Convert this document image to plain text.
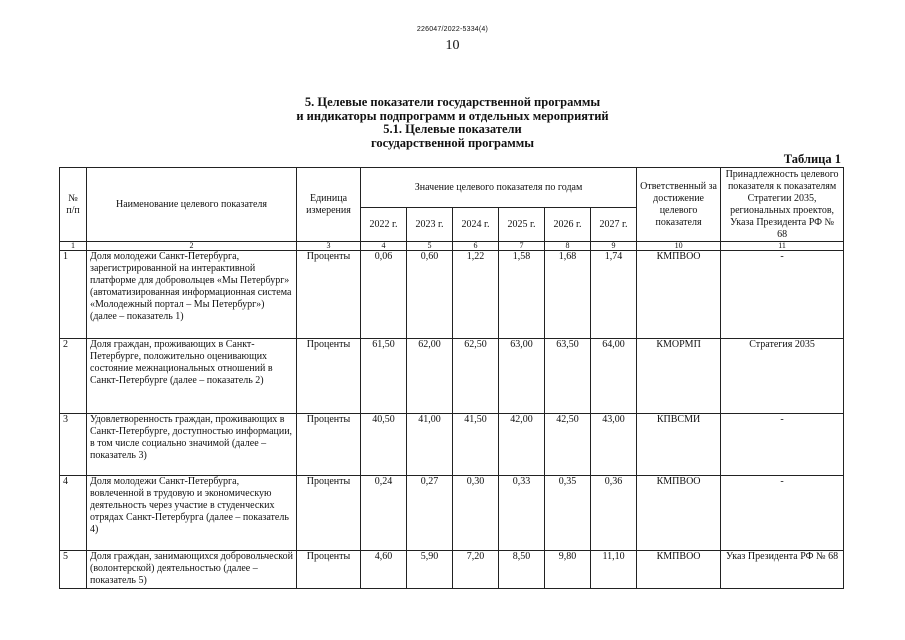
226047/2022-5334(4)
10
5. Целевые показатели государственной программы
и индикаторы подпрограмм и отдельных мероприятий
5.1. Целевые показатели
государственной программы
Таблица 1
№ п/п	Наименование целевого показателя	Единица измерения	Значение целевого показателя по годам						Ответственный за достижение целевого показателя	Принадлежность целевого показателя к показателям Стратегии 2035, региональных проектов, Указа Президента РФ № 68
			2022 г.	2023 г.	2024 г.	2025 г.	2026 г.	2027 г.		
1	2	3	4	5	6	7	8	9	10	11
1	Доля молодежи Санкт-Петербурга, зарегистрированной на интерактивной платформе для добровольцев «Мы Петербург» (автоматизированная информационная система «Молодежный портал – Мы Петербург») (далее – показатель 1)	Проценты	0,06	0,60	1,22	1,58	1,68	1,74	КМПВОО	-
2	Доля граждан, проживающих в Санкт-Петербурге, положительно оценивающих состояние межнациональных отношений в Санкт-Петербурге (далее – показатель 2)	Проценты	61,50	62,00	62,50	63,00	63,50	64,00	КМОРМП	Стратегия 2035
3	Удовлетворенность граждан, проживающих в Санкт-Петербурге, доступностью информации, в том числе социально значимой (далее – показатель 3)	Проценты	40,50	41,00	41,50	42,00	42,50	43,00	КПВСМИ	-
4	Доля молодежи Санкт-Петербурга, вовлеченной в трудовую и экономическую деятельность через участие в студенческих отрядах Санкт-Петербурга (далее – показатель 4)	Проценты	0,24	0,27	0,30	0,33	0,35	0,36	КМПВОО	-
5	Доля граждан, занимающихся добровольческой (волонтерской) деятельностью (далее – показатель 5)	Проценты	4,60	5,90	7,20	8,50	9,80	11,10	КМПВОО	Указ Президента РФ № 68
